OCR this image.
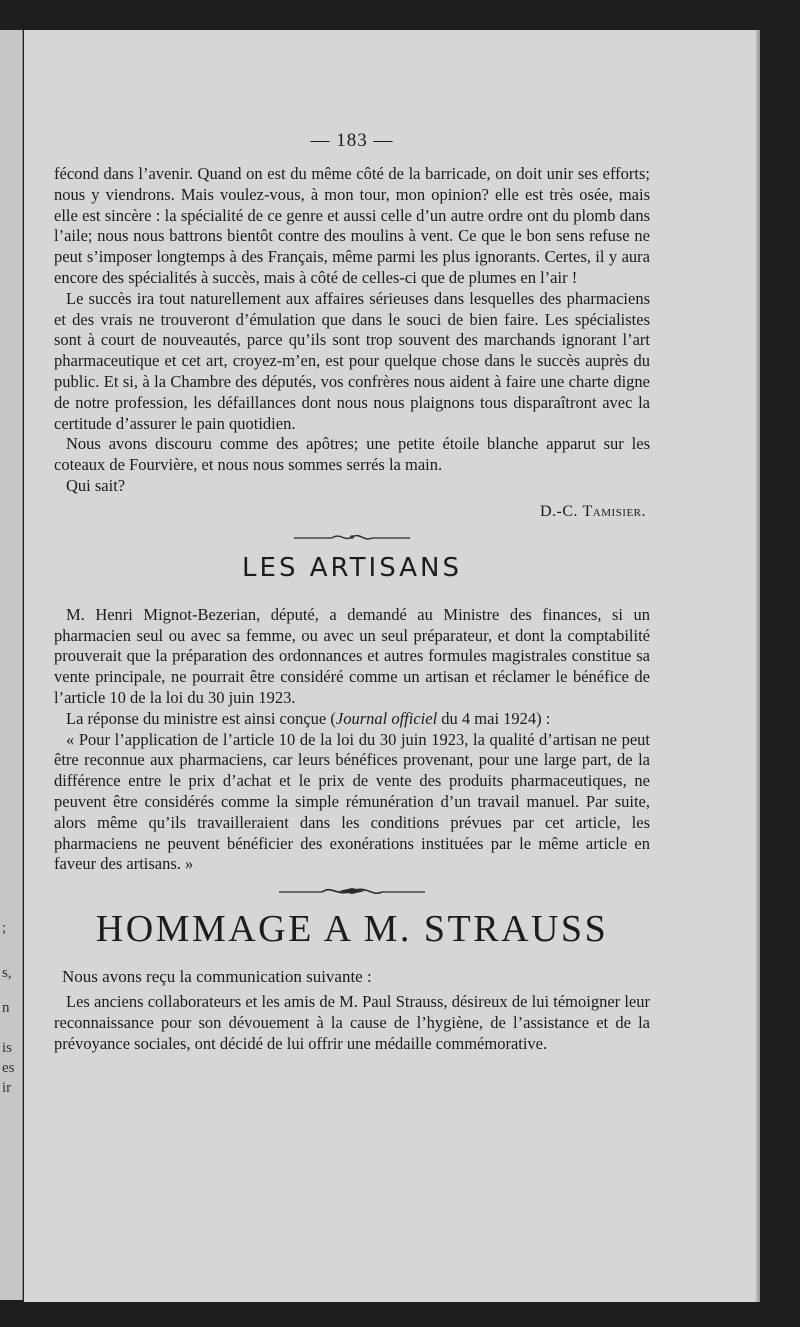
;
s,
n
is
es
ir
— 183 —

fécond dans l’avenir. Quand on est du même côté de la barricade, on doit unir ses efforts; nous y viendrons. Mais voulez-vous, à mon tour, mon opinion? elle est très osée, mais elle est sincère : la spécialité de ce genre et aussi celle d’un autre ordre ont du plomb dans l’aile; nous nous battrons bientôt contre des moulins à vent. Ce que le bon sens refuse ne peut s’imposer longtemps à des Français, même parmi les plus ignorants. Certes, il y aura encore des spécialités à succès, mais à côté de celles-ci que de plumes en l’air !

Le succès ira tout naturellement aux affaires sérieuses dans lesquelles des pharmaciens et des vrais ne trouveront d’émulation que dans le souci de bien faire. Les spécialistes sont à court de nouveautés, parce qu’ils sont trop souvent des marchands ignorant l’art pharmaceutique et cet art, croyez-m’en, est pour quelque chose dans le succès auprès du public. Et si, à la Chambre des députés, vos confrères nous aident à faire une charte digne de notre profession, les défaillances dont nous nous plaignons tous disparaîtront avec la certitude d’assurer le pain quotidien.

Nous avons discouru comme des apôtres; une petite étoile blanche apparut sur les coteaux de Fourvière, et nous nous sommes serrés la main.

Qui sait?

D.-C. Tamisier.
LES ARTISANS

M. Henri Mignot-Bezerian, député, a demandé au Ministre des finances, si un pharmacien seul ou avec sa femme, ou avec un seul préparateur, et dont la comptabilité prouverait que la préparation des ordonnances et autres formules magistrales constitue sa vente principale, ne pourrait être considéré comme un artisan et réclamer le bénéfice de l’article 10 de la loi du 30 juin 1923.

La réponse du ministre est ainsi conçue (Journal officiel du 4 mai 1924) :

« Pour l’application de l’article 10 de la loi du 30 juin 1923, la qualité d’artisan ne peut être reconnue aux pharmaciens, car leurs bénéfices provenant, pour une large part, de la différence entre le prix d’achat et le prix de vente des produits pharmaceutiques, ne peuvent être considérés comme la simple rémunération d’un travail manuel. Par suite, alors même qu’ils travailleraient dans les conditions prévues par cet article, les pharmaciens ne peuvent bénéficier des exonérations instituées par le même article en faveur des artisans. »

HOMMAGE A M. STRAUSS

Nous avons reçu la communication suivante :

Les anciens collaborateurs et les amis de M. Paul Strauss, désireux de lui témoigner leur reconnaissance pour son dévouement à la cause de l’hygiène, de l’assistance et de la prévoyance sociales, ont décidé de lui offrir une médaille commémorative.
